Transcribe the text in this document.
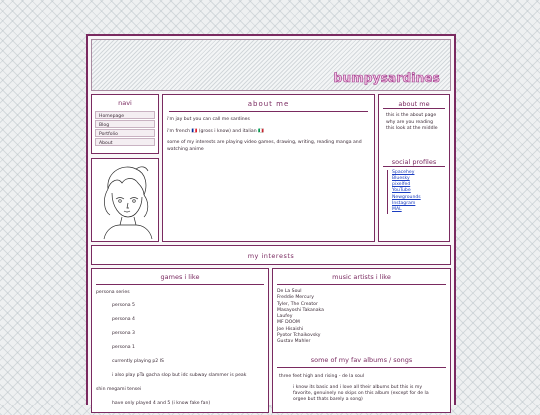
bumpysardines
navi
Homepage
Blog
Portfolio
About
about me

i'm jay but you can call me sardines

i'm french 🇫🇷 (gross i know) and italian 🇮🇹

some of my interests are playing video games, drawing, writing, reading manga and watching anime

about me
this is the about page why are you reading this look at the middle
social profiles
Spacehey
Bluesky
pixelfed
YouTube
Newgrounds
Instagram
MAL
my interests
games i like
persona series
persona 5
persona 4
persona 3
persona 1
currently playing p2 IS
i also play pTa gacha slop but idc subway slammer is peak
shin megami tensei
have only played 4 and 5 (i know fake fan)
music artists i like
De La Soul
Freddie Mercury
Tyler, The Creator
Masayoshi Takanaka
Laufey
MF DOOM
Joe Hisaishi
Pyotor Tchaikovsky
Gustav Mahler
some of my fav albums / songs
three feet high and rising - de la soul
i know its basic and i love all their albums but this is my favorite, genuinely no skips on this album (except for de la orgee but thats barely a song)
